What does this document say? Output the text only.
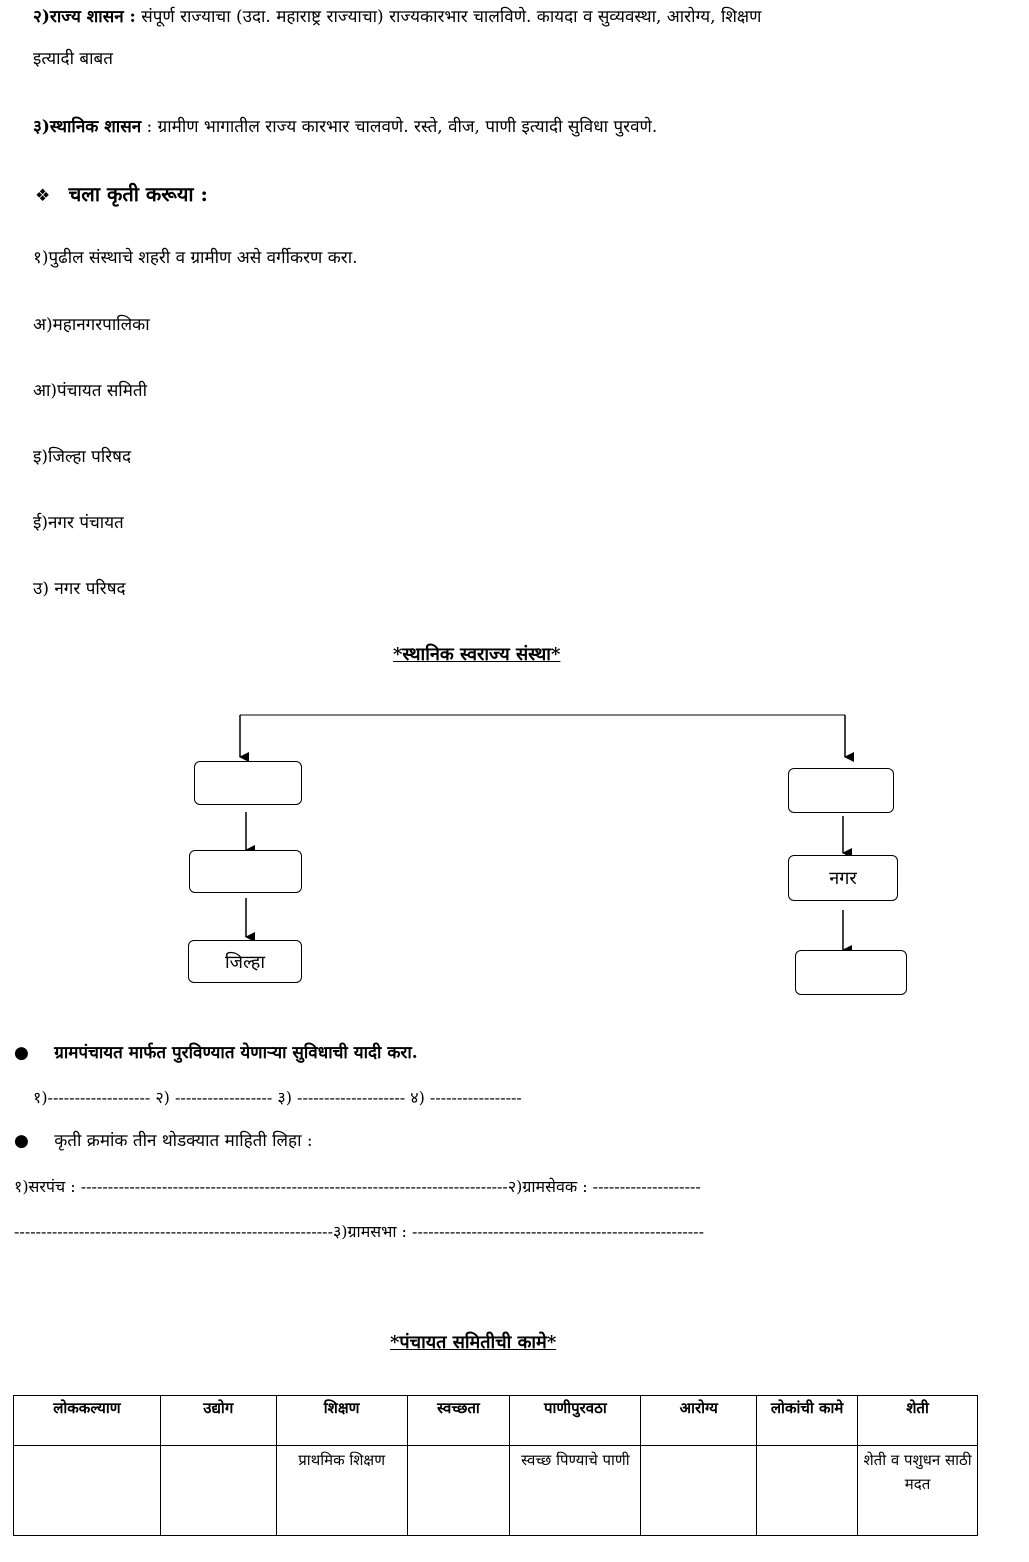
२)राज्य शासन : संपूर्ण राज्याचा (उदा. महाराष्ट्र राज्याचा) राज्यकारभार चालविणे. कायदा व सुव्यवस्था, आरोग्य, शिक्षण
इत्यादी बाबत
३)स्थानिक शासन : ग्रामीण भागातील राज्य कारभार चालवणे. रस्ते, वीज, पाणी इत्यादी सुविधा पुरवणे.
❖ चला कृती करूया :
१)पुढील संस्थाचे शहरी व ग्रामीण असे वर्गीकरण करा.
अ)महानगरपालिका
आ)पंचायत समिती
इ)जिल्हा परिषद
ई)नगर पंचायत
उ) नगर परिषद
*स्थानिक स्वराज्य संस्था*
जिल्हा
नगर
● ग्रामपंचायत मार्फत पुरविण्यात येणाऱ्या सुविधाची यादी करा.
१)------------------- २) ------------------ ३) -------------------- ४) -----------------
● कृती क्रमांक तीन थोडक्यात माहिती लिहा :
१)सरपंच : -------------------------------------------------------------------------------२)ग्रामसेवक : --------------------
-----------------------------------------------------------३)ग्रामसभा : ------------------------------------------------------
*पंचायत समितीची कामे*
लोककल्याण	उद्योग	शिक्षण	स्वच्छता	पाणीपुरवठा	आरोग्य	लोकांची कामे	शेती
		प्राथमिक शिक्षण		स्वच्छ पिण्याचे पाणी			शेती व पशुधन साठी मदत
